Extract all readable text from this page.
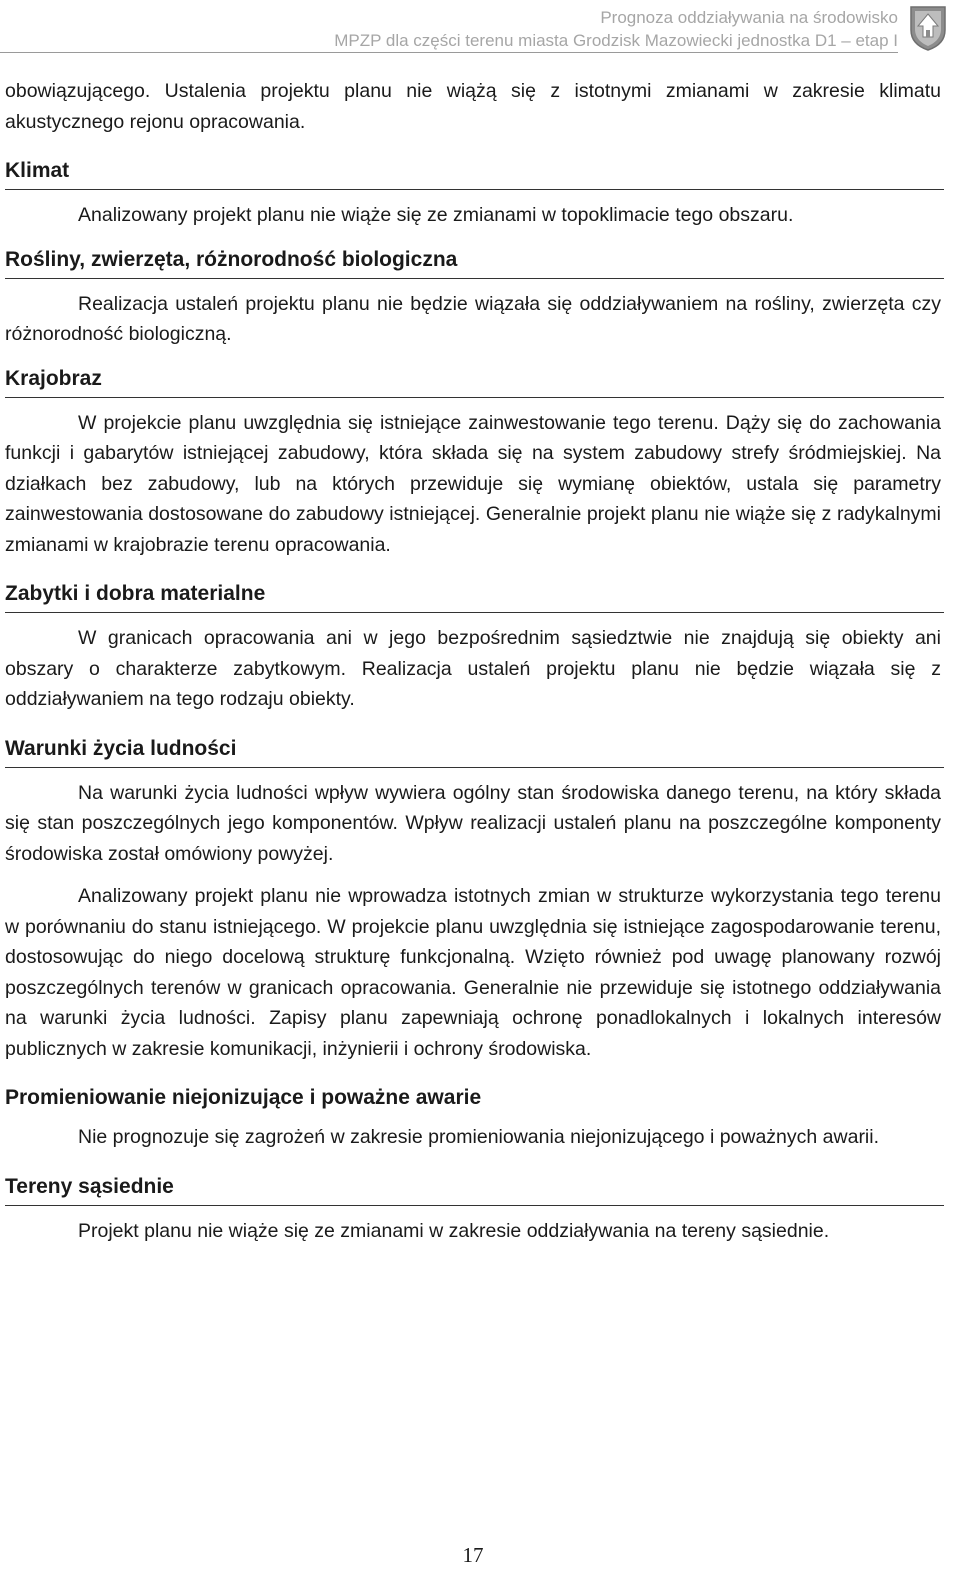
Prognoza oddziaływania na środowisko
MPZP dla części terenu miasta Grodzisk Mazowiecki jednostka D1 – etap I

obowiązującego. Ustalenia projektu planu nie wiążą się z istotnymi zmianami w zakresie klimatu akustycznego rejonu opracowania.

Klimat

Analizowany projekt planu nie wiąże się ze zmianami w topoklimacie tego obszaru.

Rośliny, zwierzęta, różnorodność biologiczna

Realizacja ustaleń projektu planu nie będzie wiązała się oddziaływaniem na rośliny, zwierzęta czy różnorodność biologiczną.

Krajobraz

W projekcie planu uwzględnia się istniejące zainwestowanie tego terenu. Dąży się do zachowania funkcji i gabarytów istniejącej zabudowy, która składa się na system zabudowy strefy śródmiejskiej. Na działkach bez zabudowy, lub na których przewiduje się wymianę obiektów, ustala się parametry zainwestowania dostosowane do zabudowy istniejącej. Generalnie projekt planu nie wiąże się z radykalnymi zmianami w krajobrazie terenu opracowania.

Zabytki i dobra materialne

W granicach opracowania ani w jego bezpośrednim sąsiedztwie nie znajdują się obiekty ani obszary o charakterze zabytkowym. Realizacja ustaleń projektu planu nie będzie wiązała się z oddziaływaniem na tego rodzaju obiekty.

Warunki życia ludności

Na warunki życia ludności wpływ wywiera ogólny stan środowiska danego terenu, na który składa się stan poszczególnych jego komponentów. Wpływ realizacji ustaleń planu na poszczególne komponenty środowiska został omówiony powyżej.

Analizowany projekt planu nie wprowadza istotnych zmian w strukturze wykorzystania tego terenu w porównaniu do stanu istniejącego. W projekcie planu uwzględnia się istniejące zagospodarowanie terenu, dostosowując do niego docelową strukturę funkcjonalną. Wzięto również pod uwagę planowany rozwój poszczególnych terenów w granicach opracowania. Generalnie nie przewiduje się istotnego oddziaływania na warunki życia ludności. Zapisy planu zapewniają ochronę ponadlokalnych i lokalnych interesów publicznych w zakresie komunikacji, inżynierii i ochrony środowiska.

Promieniowanie niejonizujące i poważne awarie

Nie prognozuje się zagrożeń w zakresie promieniowania niejonizującego i poważnych awarii.

Tereny sąsiednie

Projekt planu nie wiąże się ze zmianami w zakresie oddziaływania na tereny sąsiednie.

17
